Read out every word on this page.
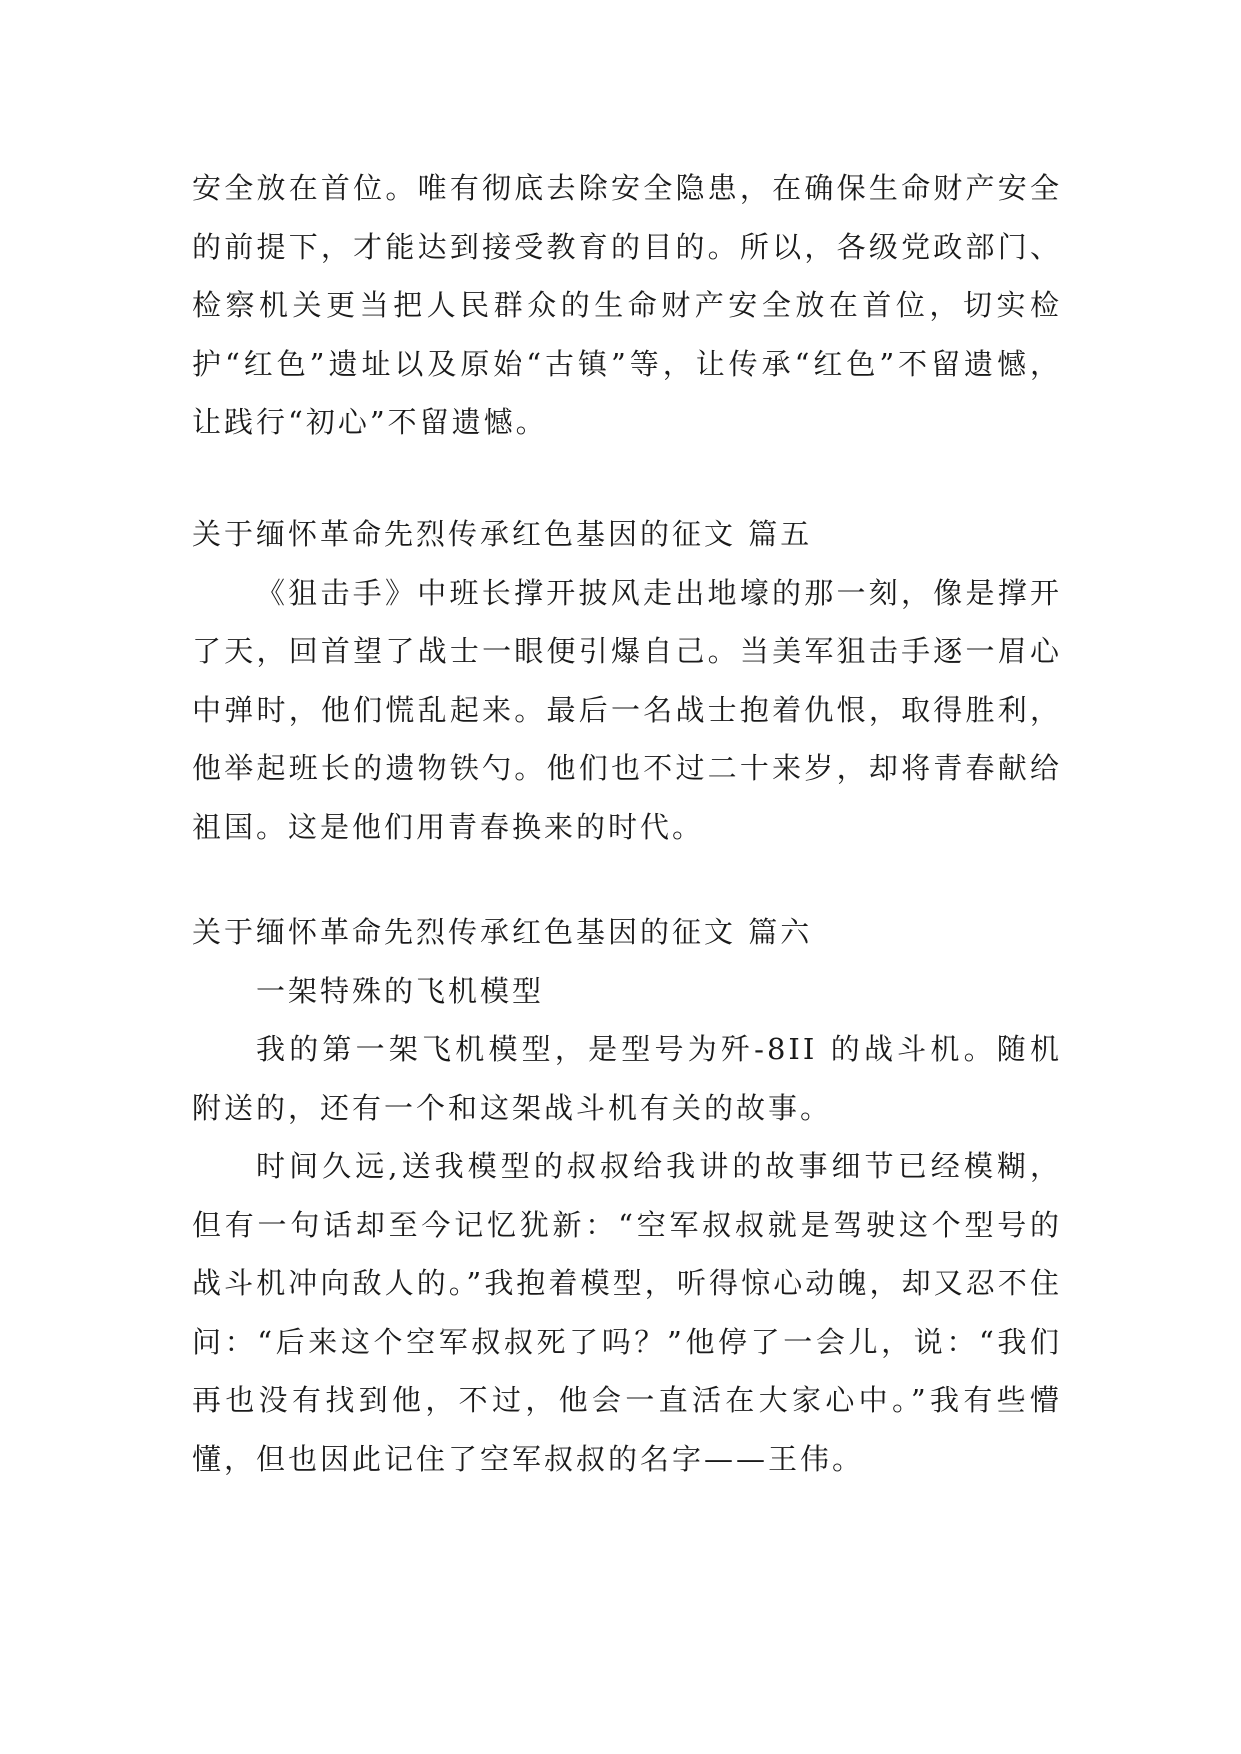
安全放在首位。唯有彻底去除安全隐患，在确保生命财产安全的前提下，才能达到接受教育的目的。所以，各级党政部门、检察机关更当把人民群众的生命财产安全放在首位，切实检护“红色”遗址以及原始“古镇”等，让传承“红色”不留遗憾，让践行“初心”不留遗憾。

关于缅怀革命先烈传承红色基因的征文 篇五

《狙击手》中班长撑开披风走出地壕的那一刻，像是撑开了天，回首望了战士一眼便引爆自己。当美军狙击手逐一眉心中弹时，他们慌乱起来。最后一名战士抱着仇恨，取得胜利，他举起班长的遗物铁勺。他们也不过二十来岁，却将青春献给祖国。这是他们用青春换来的时代。

关于缅怀革命先烈传承红色基因的征文 篇六

一架特殊的飞机模型

我的第一架飞机模型，是型号为歼-8II 的战斗机。随机附送的，还有一个和这架战斗机有关的故事。

时间久远,送我模型的叔叔给我讲的故事细节已经模糊，但有一句话却至今记忆犹新：“空军叔叔就是驾驶这个型号的战斗机冲向敌人的。”我抱着模型，听得惊心动魄，却又忍不住问：“后来这个空军叔叔死了吗？”他停了一会儿，说：“我们再也没有找到他，不过，他会一直活在大家心中。”我有些懵懂，但也因此记住了空军叔叔的名字——王伟。
